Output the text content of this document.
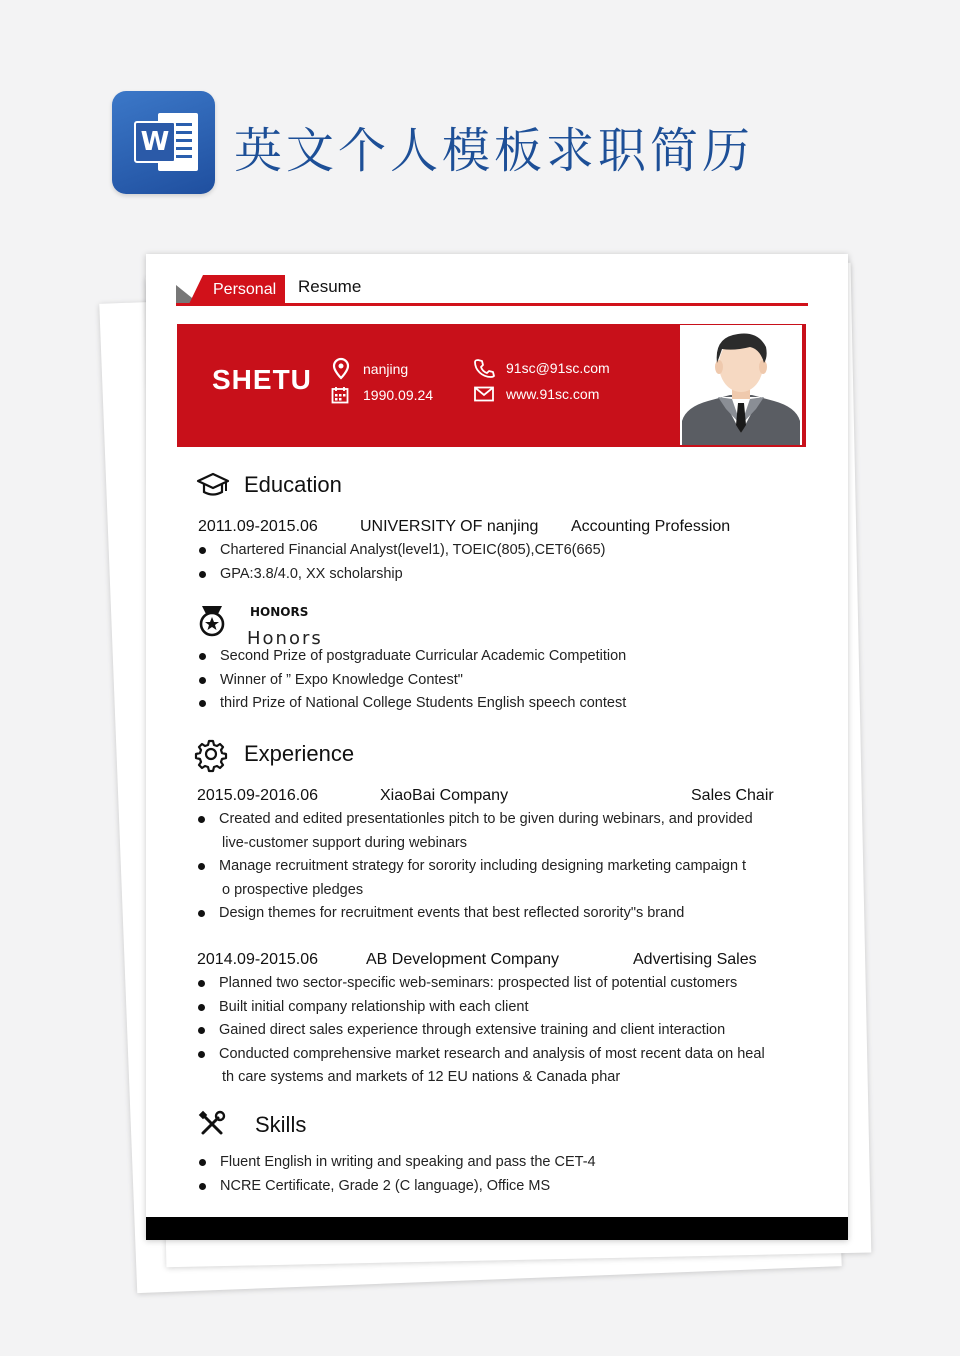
W 英文个人模板求职简历
Personal	Resume
SHETU	nanjing
1990.09.24
91sc@91sc.com
www.91sc.com
Education
2011.09-2015.06	UNIVERSITY OF nanjing Accounting Profession
Chartered Financial Analyst(level1), TOEIC(805),CET6(665)
GPA:3.8/4.0, XX scholarship
HONORS
Honors
Second Prize of postgraduate Curricular Academic Competition
Winner of ” Expo Knowledge Contest"
third Prize of National College Students English speech contest
Experience
2015.09-2016.06	XiaoBai Company	Sales Chair
Created and edited presentationles pitch to be given during webinars, and provided
live-customer support during webinars
Manage recruitment strategy for sorority including designing marketing campaign t
o prospective pledges
Design themes for recruitment events that best reflected sorority"s brand
2014.09-2015.06	AB Development Company	Advertising Sales
Planned two sector-specific web-seminars: prospected list of potential customers
Built initial company relationship with each client
Gained direct sales experience through extensive training and client interaction
Conducted comprehensive market research and analysis of most recent data on heal
th care systems and markets of 12 EU nations & Canada phar
Skills
Fluent English in writing and speaking and pass the CET-4
NCRE Certificate, Grade 2 (C language), Office MS
